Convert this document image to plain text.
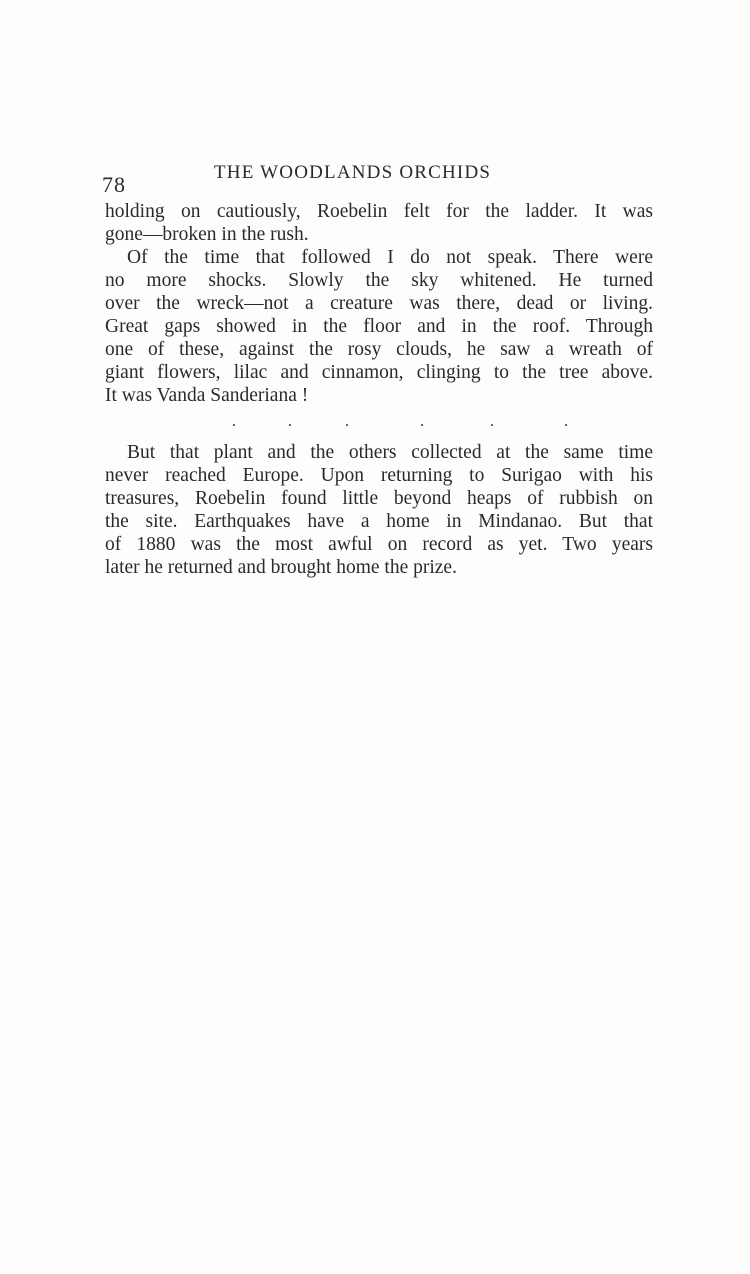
78	THE WOODLANDS ORCHIDS
holding on cautiously, Roebelin felt for the ladder. It was
gone—broken in the rush.
Of the time that followed I do not speak. There were
no more shocks. Slowly the sky whitened. He turned
over the wreck—not a creature was there, dead or living.
Great gaps showed in the floor and in the roof. Through
one of these, against the rosy clouds, he saw a wreath of
giant flowers, lilac and cinnamon, clinging to the tree above.
It was Vanda Sanderiana !
.	.	.	.	.	.
But that plant and the others collected at the same time
never reached Europe. Upon returning to Surigao with his
treasures, Roebelin found little beyond heaps of rubbish on
the site. Earthquakes have a home in Mindanao. But that
of 1880 was the most awful on record as yet. Two years
later he returned and brought home the prize.
